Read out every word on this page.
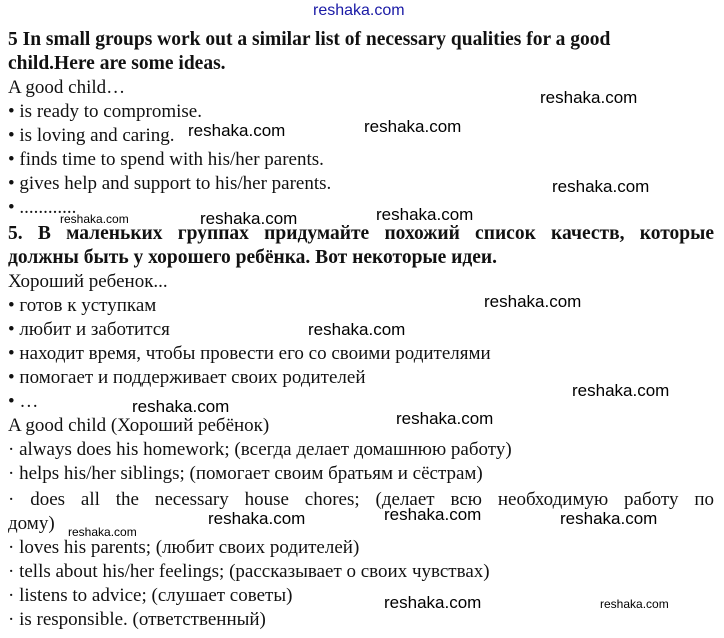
5 In small groups work out a similar list of necessary qualities for a good
child.Here are some ideas.
A good child…
• is ready to compromise.
• is loving and caring.
• finds time to spend with his/her parents.
• gives help and support to his/her parents.
• ............
5. В маленьких группах придумайте похожий список качеств, которые
должны быть у хорошего ребёнка. Вот некоторые идеи.
Хороший ребенок...
• готов к уступкам
• любит и заботится
• находит время, чтобы провести его со своими родителями
• помогает и поддерживает своих родителей
• …
A good child (Хороший ребёнок)
· always does his homework; (всегда делает домашнюю работу)
· helps his/her siblings; (помогает своим братьям и сёстрам)
· does all the necessary house chores; (делает всю необходимую работу по
дому)
· loves his parents; (любит своих родителей)
· tells about his/her feelings; (рассказывает о своих чувствах)
· listens to advice; (слушает советы)
· is responsible. (ответственный)
reshaka.com
reshaka.com
reshaka.com	reshaka.com
reshaka.com
reshaka.com	reshaka.com	reshaka.com
reshaka.com
reshaka.com
reshaka.com
reshaka.com
reshaka.com
reshaka.com	reshaka.com	reshaka.com
reshaka.com
reshaka.com	reshaka.com
